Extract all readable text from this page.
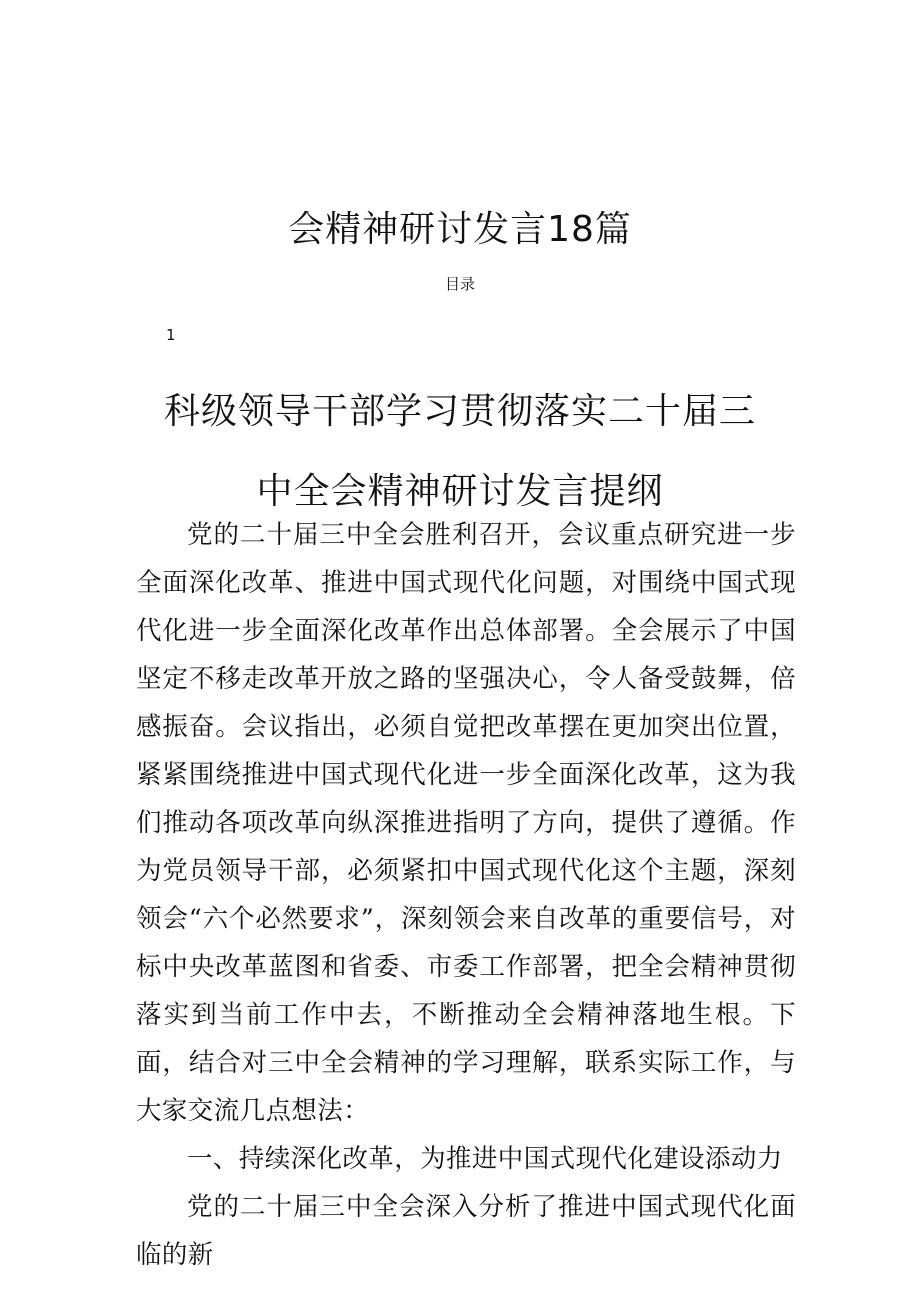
会精神研讨发言18篇
目录
1
科级领导干部学习贯彻落实二十届三
中全会精神研讨发言提纲

党的二十届三中全会胜利召开，会议重点研究进一步全面深化改革、推进中国式现代化问题，对围绕中国式现代化进一步全面深化改革作出总体部署。全会展示了中国坚定不移走改革开放之路的坚强决心，令人备受鼓舞，倍感振奋。会议指出，必须自觉把改革摆在更加突出位置，紧紧围绕推进中国式现代化进一步全面深化改革，这为我们推动各项改革向纵深推进指明了方向，提供了遵循。作为党员领导干部，必须紧扣中国式现代化这个主题，深刻领会“六个必然要求”，深刻领会来自改革的重要信号，对标中央改革蓝图和省委、市委工作部署，把全会精神贯彻落实到当前工作中去，不断推动全会精神落地生根。下面，结合对三中全会精神的学习理解，联系实际工作，与大家交流几点想法：

一、持续深化改革，为推进中国式现代化建设添动力

党的二十届三中全会深入分析了推进中国式现代化面临的新
